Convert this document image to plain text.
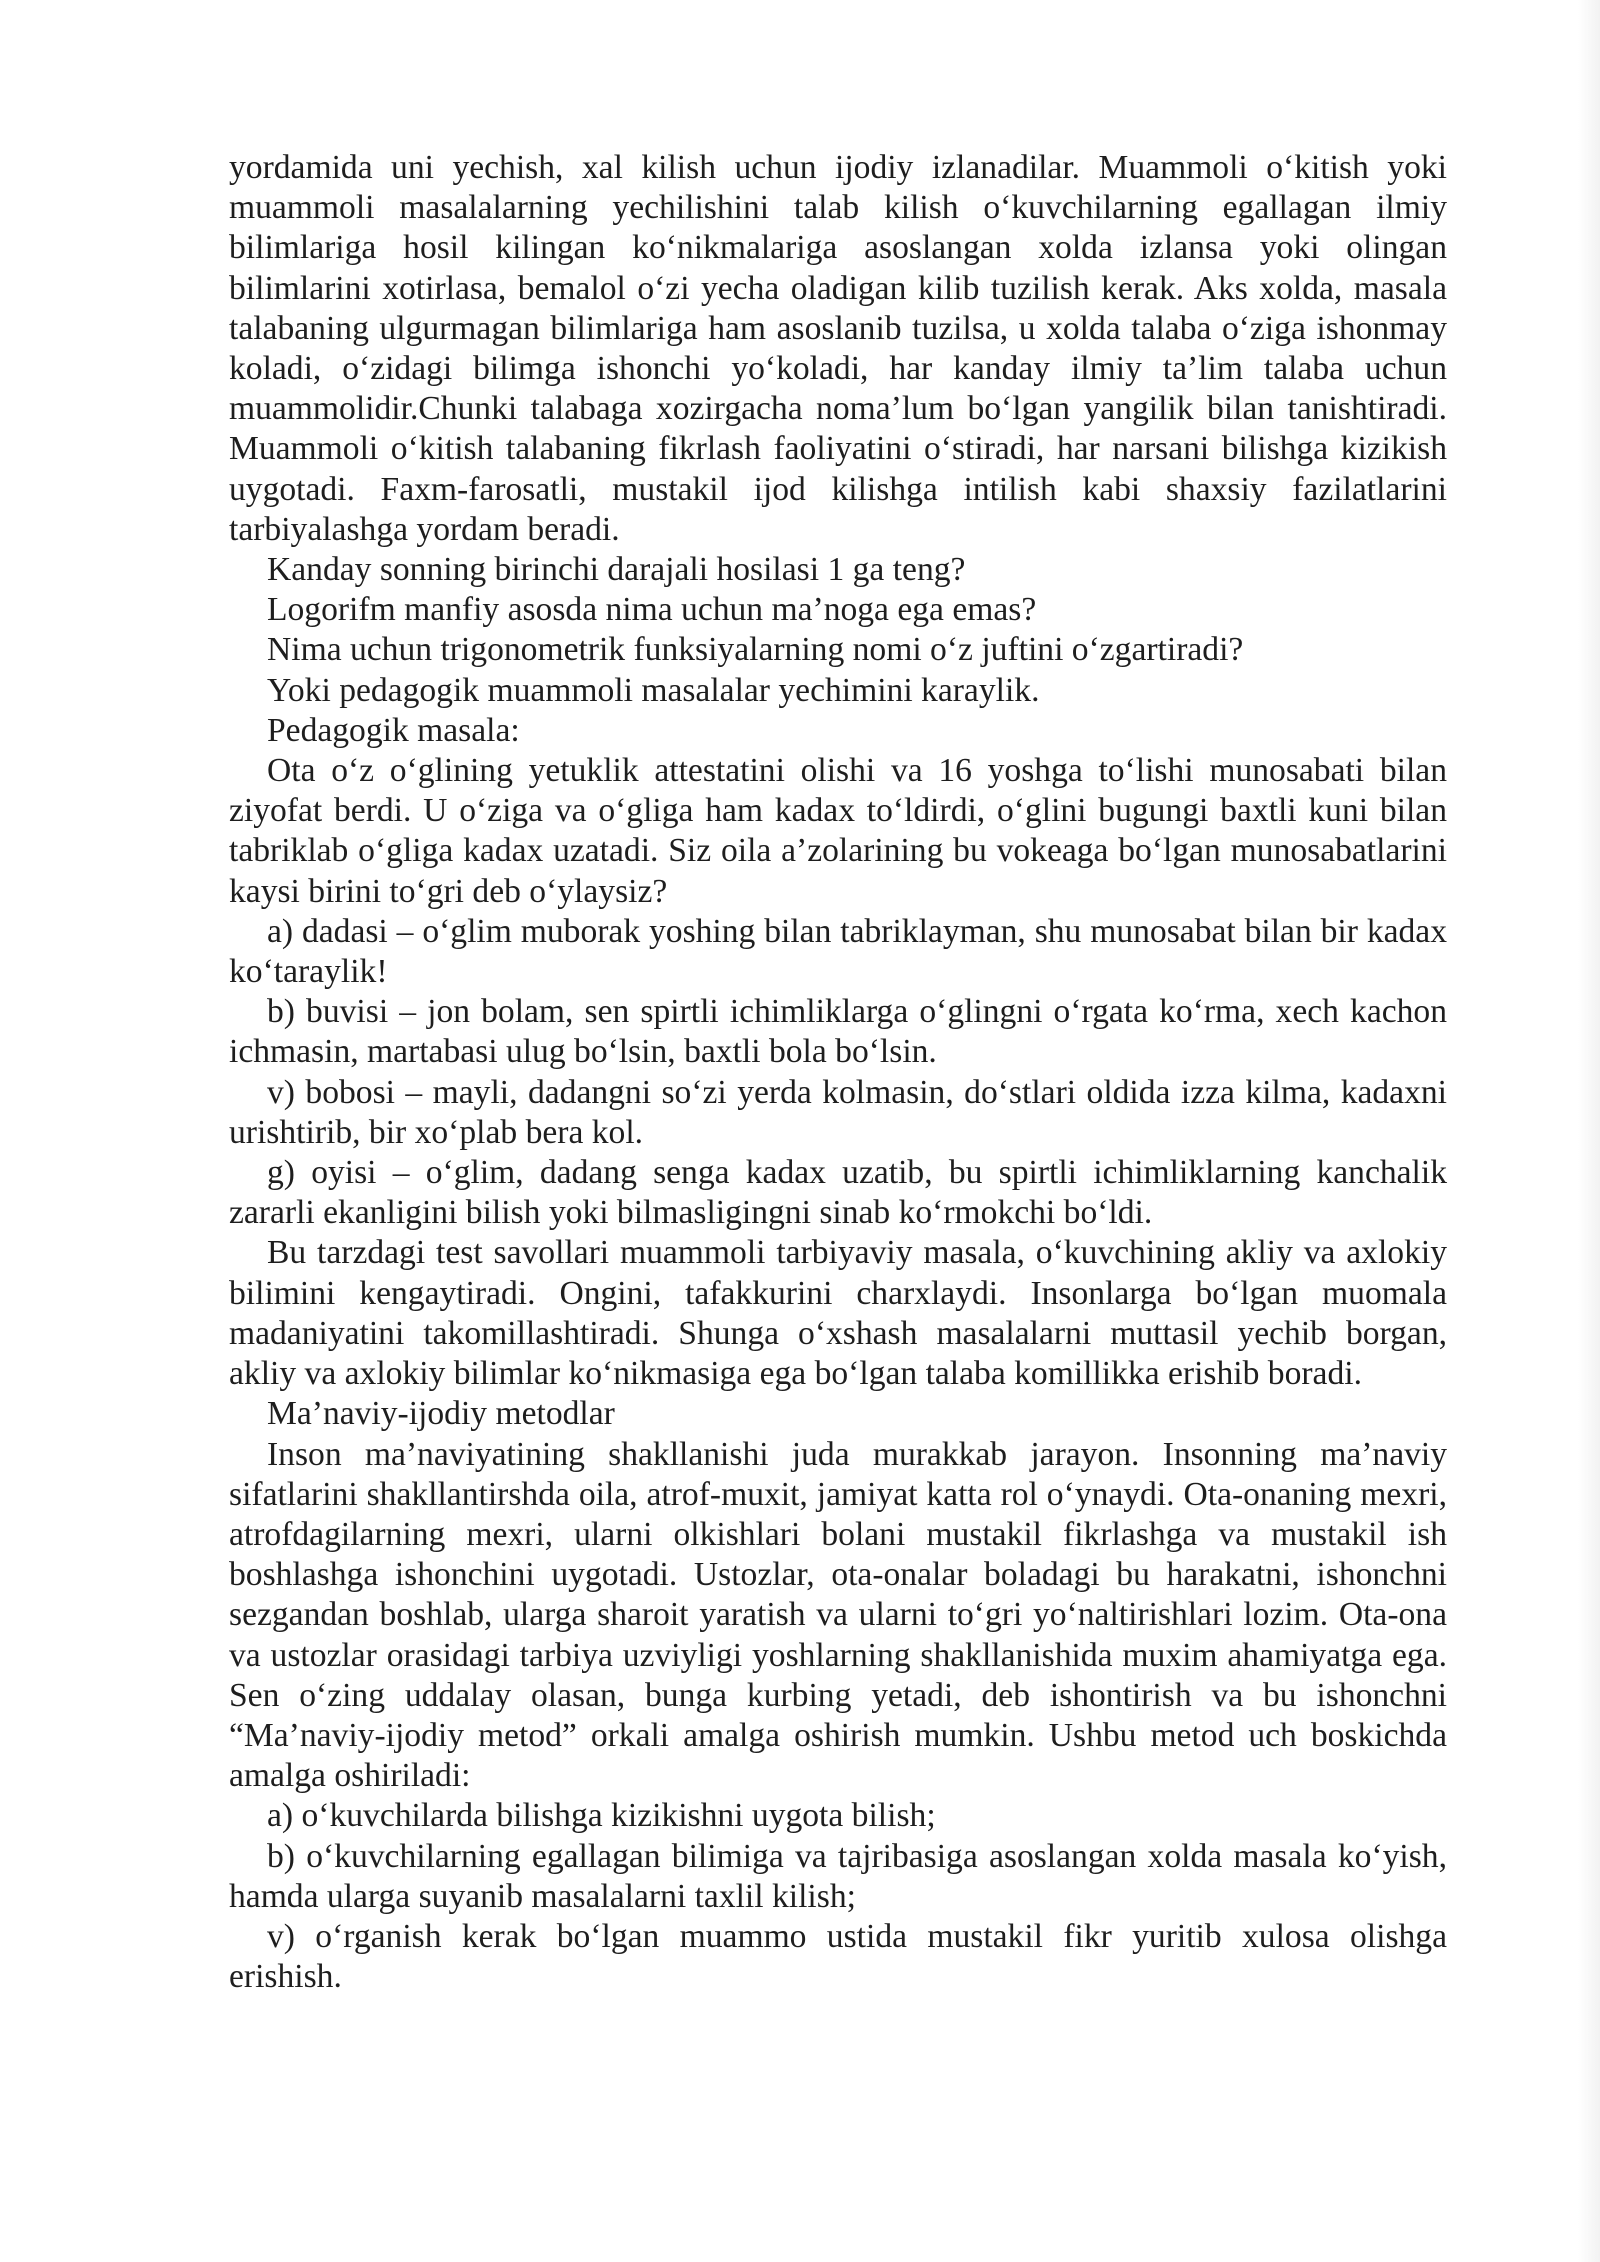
yordamida uni yechish, xal kilish uchun ijodiy izlanadilar. Muammoli o‘kitish yoki muammoli masalalarning yechilishini talab kilish o‘kuvchilarning egallagan ilmiy bilimlariga hosil kilingan ko‘nikmalariga asoslangan xolda izlansa yoki olingan bilimlarini xotirlasa, bemalol o‘zi yecha oladigan kilib tuzilish kerak. Aks xolda, masala talabaning ulgurmagan bilimlariga ham asoslanib tuzilsa, u xolda talaba o‘ziga ishonmay koladi, o‘zidagi bilimga ishonchi yo‘koladi, har kanday ilmiy ta’lim talaba uchun muammolidir.Chunki talabaga xozirgacha noma’lum bo‘lgan yangilik bilan tanishtiradi. Muammoli o‘kitish talabaning fikrlash faoliyatini o‘stiradi, har narsani bilishga kizikish uygotadi. Faxm-farosatli, mustakil ijod kilishga intilish kabi shaxsiy fazilatlarini tarbiyalashga yordam beradi.

Kanday sonning birinchi darajali hosilasi 1 ga teng?

Logorifm manfiy asosda nima uchun ma’noga ega emas?

Nima uchun trigonometrik funksiyalarning nomi o‘z juftini o‘zgartiradi?

Yoki pedagogik muammoli masalalar yechimini karaylik.

Pedagogik masala:

Ota o‘z o‘glining yetuklik attestatini olishi va 16 yoshga to‘lishi munosabati bilan ziyofat berdi. U o‘ziga va o‘gliga ham kadax to‘ldirdi, o‘glini bugungi baxtli kuni bilan tabriklab o‘gliga kadax uzatadi. Siz oila a’zolarining bu vokeaga bo‘lgan munosabatlarini kaysi birini to‘gri deb o‘ylaysiz?

a) dadasi – o‘glim muborak yoshing bilan tabriklayman, shu munosabat bilan bir kadax ko‘taraylik!

b) buvisi – jon bolam, sen spirtli ichimliklarga o‘glingni o‘rgata ko‘rma, xech kachon ichmasin, martabasi ulug bo‘lsin, baxtli bola bo‘lsin.

v) bobosi – mayli, dadangni so‘zi yerda kolmasin, do‘stlari oldida izza kilma, kadaxni urishtirib, bir xo‘plab bera kol.

g) oyisi – o‘glim, dadang senga kadax uzatib, bu spirtli ichimliklarning kanchalik zararli ekanligini bilish yoki bilmasligingni sinab ko‘rmokchi bo‘ldi.

Bu tarzdagi test savollari muammoli tarbiyaviy masala, o‘kuvchining akliy va axlokiy bilimini kengaytiradi. Ongini, tafakkurini charxlaydi. Insonlarga bo‘lgan muomala madaniyatini takomillashtiradi. Shunga o‘xshash masalalarni muttasil yechib borgan, akliy va axlokiy bilimlar ko‘nikmasiga ega bo‘lgan talaba komillikka erishib boradi.

Ma’naviy-ijodiy metodlar

Inson ma’naviyatining shakllanishi juda murakkab jarayon. Insonning ma’naviy sifatlarini shakllantirshda oila, atrof-muxit, jamiyat katta rol o‘ynaydi. Ota-onaning mexri, atrofdagilarning mexri, ularni olkishlari bolani mustakil fikrlashga va mustakil ish boshlashga ishonchini uygotadi. Ustozlar, ota-onalar boladagi bu harakatni, ishonchni sezgandan boshlab, ularga sharoit yaratish va ularni to‘gri yo‘naltirishlari lozim. Ota-ona va ustozlar orasidagi tarbiya uzviyligi yoshlarning shakllanishida muxim ahamiyatga ega. Sen o‘zing uddalay olasan, bunga kurbing yetadi, deb ishontirish va bu ishonchni “Ma’naviy-ijodiy metod” orkali amalga oshirish mumkin. Ushbu metod uch boskichda amalga oshiriladi:

a) o‘kuvchilarda bilishga kizikishni uygota bilish;

b) o‘kuvchilarning egallagan bilimiga va tajribasiga asoslangan xolda masala ko‘yish, hamda ularga suyanib masalalarni taxlil kilish;

v) o‘rganish kerak bo‘lgan muammo ustida mustakil fikr yuritib xulosa olishga erishish.
